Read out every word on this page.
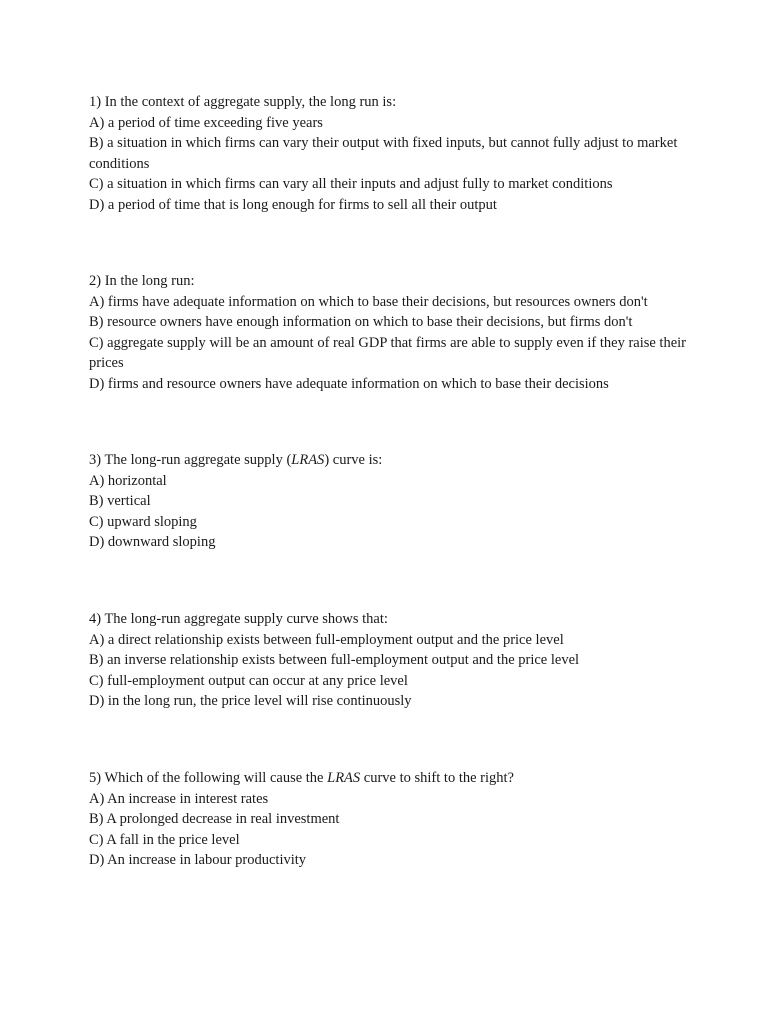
1) In the context of aggregate supply, the long run is:
A) a period of time exceeding five years
B) a situation in which firms can vary their output with fixed inputs, but cannot fully adjust to market conditions
C) a situation in which firms can vary all their inputs and adjust fully to market conditions
D) a period of time that is long enough for firms to sell all their output
2) In the long run:
A) firms have adequate information on which to base their decisions, but resources owners don't
B) resource owners have enough information on which to base their decisions, but firms don't
C) aggregate supply will be an amount of real GDP that firms are able to supply even if they raise their prices
D) firms and resource owners have adequate information on which to base their decisions
3) The long-run aggregate supply (LRAS) curve is:
A) horizontal
B) vertical
C) upward sloping
D) downward sloping
4) The long-run aggregate supply curve shows that:
A) a direct relationship exists between full-employment output and the price level
B) an inverse relationship exists between full-employment output and the price level
C) full-employment output can occur at any price level
D) in the long run, the price level will rise continuously
5) Which of the following will cause the LRAS curve to shift to the right?
A) An increase in interest rates
B) A prolonged decrease in real investment
C) A fall in the price level
D) An increase in labour productivity
